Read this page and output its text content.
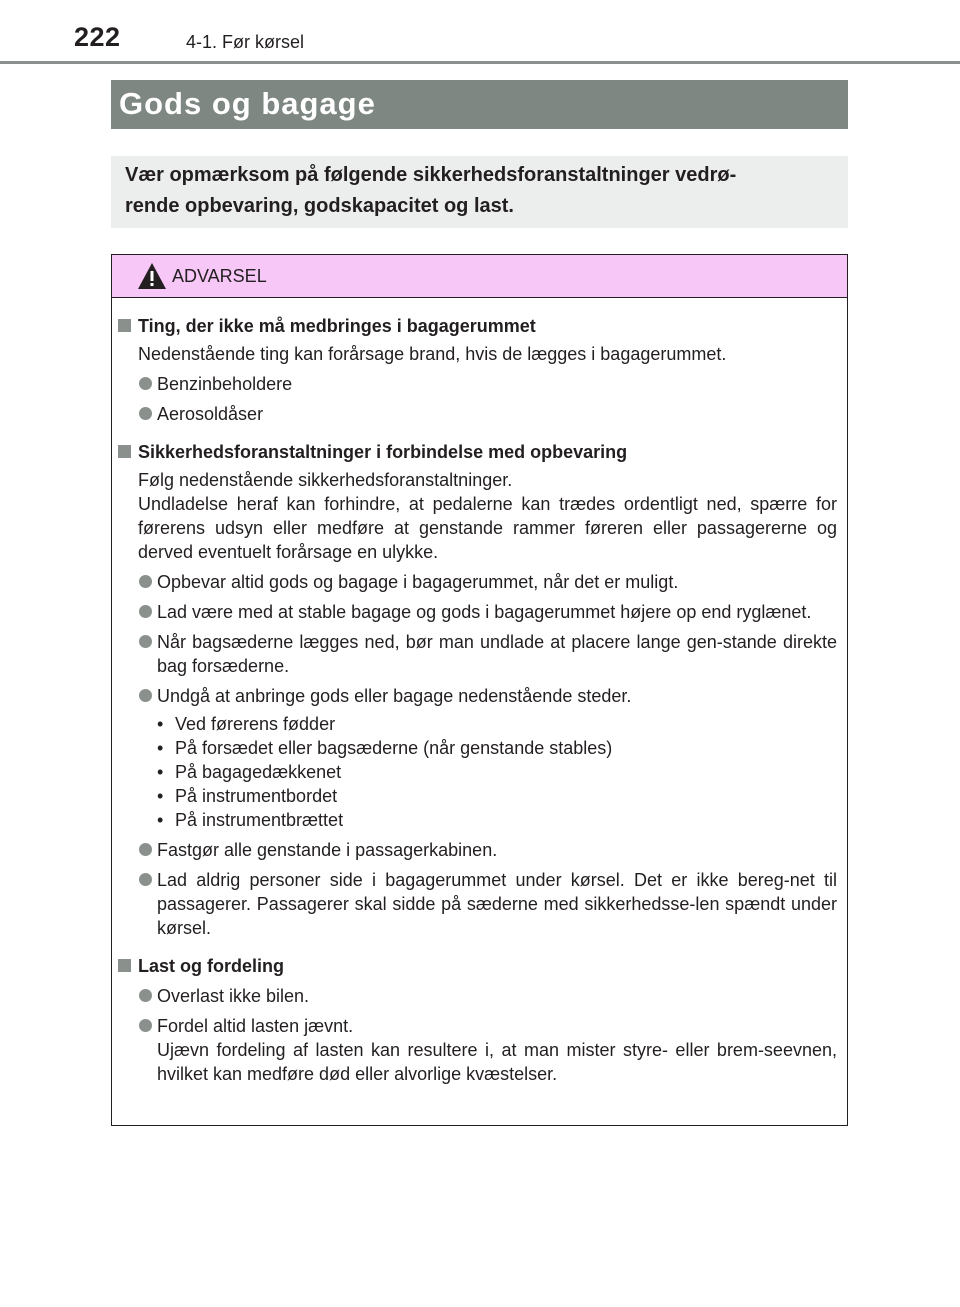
222	4-1. Før kørsel
Gods og bagage
Vær opmærksom på følgende sikkerhedsforanstaltninger vedrø-
rende opbevaring, godskapacitet og last.
ADVARSEL
Ting, der ikke må medbringes i bagagerummet
Nedenstående ting kan forårsage brand, hvis de lægges i bagagerummet.
Benzinbeholdere
Aerosoldåser
Sikkerhedsforanstaltninger i forbindelse med opbevaring
Følg nedenstående sikkerhedsforanstaltninger.
Undladelse heraf kan forhindre, at pedalerne kan trædes ordentligt ned, spærre for førerens udsyn eller medføre at genstande rammer føreren eller passagererne og derved eventuelt forårsage en ulykke.
Opbevar altid gods og bagage i bagagerummet, når det er muligt.
Lad være med at stable bagage og gods i bagagerummet højere op end ryglænet.
Når bagsæderne lægges ned, bør man undlade at placere lange gen-stande direkte bag forsæderne.
Undgå at anbringe gods eller bagage nedenstående steder.
• Ved førerens fødder
• På forsædet eller bagsæderne (når genstande stables)
• På bagagedækkenet
• På instrumentbordet
• På instrumentbrættet
Fastgør alle genstande i passagerkabinen.
Lad aldrig personer side i bagagerummet under kørsel. Det er ikke bereg-net til passagerer. Passagerer skal sidde på sæderne med sikkerhedsse-len spændt under kørsel.
Last og fordeling
Overlast ikke bilen.
Fordel altid lasten jævnt.
Ujævn fordeling af lasten kan resultere i, at man mister styre- eller brem-seevnen, hvilket kan medføre død eller alvorlige kvæstelser.
